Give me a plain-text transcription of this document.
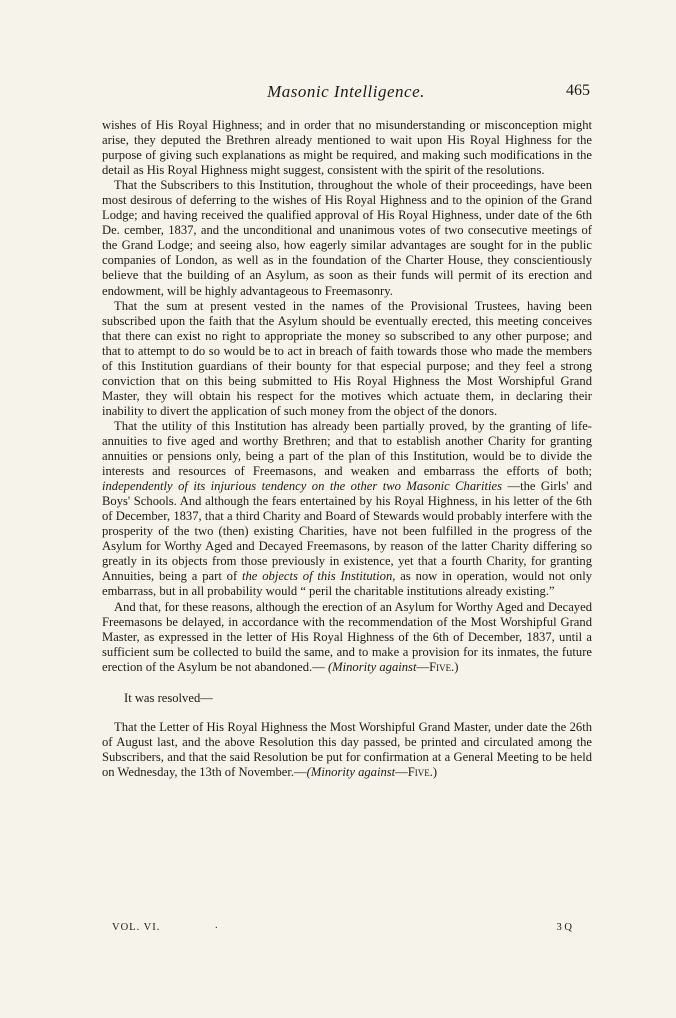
Masonic Intelligence.	465

wishes of His Royal Highness; and in order that no misunderstanding or misconception might arise, they deputed the Brethren already mentioned to wait upon His Royal Highness for the purpose of giving such explanations as might be required, and making such modifications in the detail as His Royal Highness might suggest, consistent with the spirit of the resolutions.

That the Subscribers to this Institution, throughout the whole of their proceedings, have been most desirous of deferring to the wishes of His Royal Highness and to the opinion of the Grand Lodge; and having received the qualified approval of His Royal Highness, under date of the 6th De. cember, 1837, and the unconditional and unanimous votes of two consecutive meetings of the Grand Lodge; and seeing also, how eagerly similar advantages are sought for in the public companies of London, as well as in the foundation of the Charter House, they conscientiously believe that the building of an Asylum, as soon as their funds will permit of its erection and endowment, will be highly advantageous to Freemasonry.

That the sum at present vested in the names of the Provisional Trustees, having been subscribed upon the faith that the Asylum should be eventually erected, this meeting conceives that there can exist no right to appropriate the money so subscribed to any other purpose; and that to attempt to do so would be to act in breach of faith towards those who made the members of this Institution guardians of their bounty for that especial purpose; and they feel a strong conviction that on this being submitted to His Royal Highness the Most Worshipful Grand Master, they will obtain his respect for the motives which actuate them, in declaring their inability to divert the application of such money from the object of the donors.

That the utility of this Institution has already been partially proved, by the granting of life-annuities to five aged and worthy Brethren; and that to establish another Charity for granting annuities or pensions only, being a part of the plan of this Institution, would be to divide the interests and resources of Freemasons, and weaken and embarrass the efforts of both; independently of its injurious tendency on the other two Masonic Charities —the Girls' and Boys' Schools. And although the fears entertained by his Royal Highness, in his letter of the 6th of December, 1837, that a third Charity and Board of Stewards would probably interfere with the prosperity of the two (then) existing Charities, have not been fulfilled in the progress of the Asylum for Worthy Aged and Decayed Freemasons, by reason of the latter Charity differing so greatly in its objects from those previously in existence, yet that a fourth Charity, for granting Annuities, being a part of the objects of this Institution, as now in operation, would not only embarrass, but in all probability would “ peril the charitable institutions already existing.”

And that, for these reasons, although the erection of an Asylum for Worthy Aged and Decayed Freemasons be delayed, in accordance with the recommendation of the Most Worshipful Grand Master, as expressed in the letter of His Royal Highness of the 6th of December, 1837, until a sufficient sum be collected to build the same, and to make a provision for its inmates, the future erection of the Asylum be not abandoned.— (Minority against—Five.)

It was resolved—

That the Letter of His Royal Highness the Most Worshipful Grand Master, under date the 26th of August last, and the above Resolution this day passed, be printed and circulated among the Subscribers, and that the said Resolution be put for confirmation at a General Meeting to be held on Wednesday, the 13th of November.—(Minority against—Five.)

VOL. VI.	.	3 Q
